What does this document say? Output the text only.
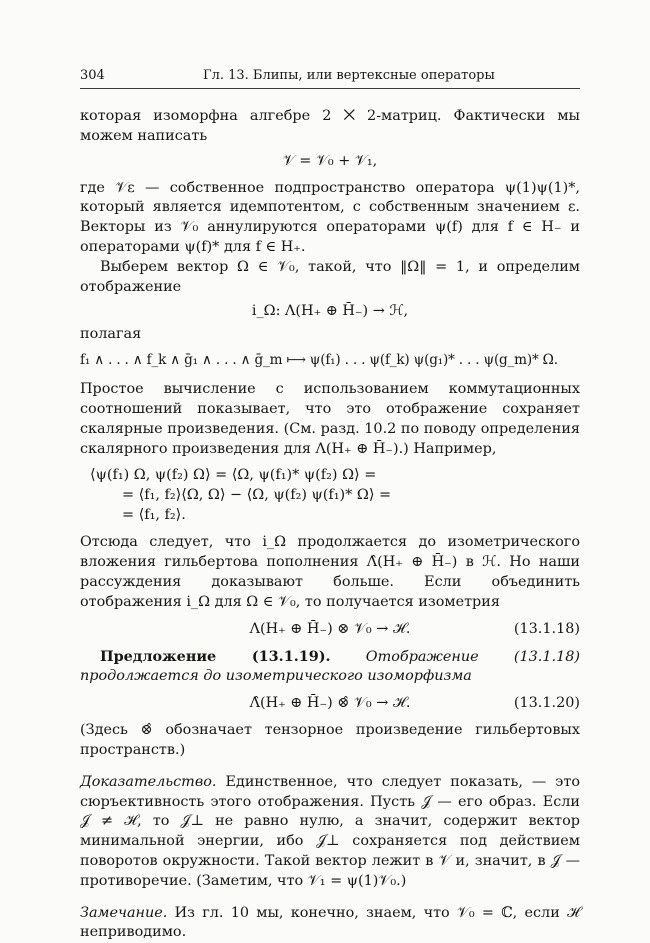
304	Гл. 13. Блипы, или вертексные операторы

которая изоморфна алгебре 2 ⨉ 2-матриц. Фактически мы можем написать

𝒱 = 𝒱₀ + 𝒱₁,

где 𝒱ε — собственное подпространство оператора ψ(1)ψ(1)*, который является идемпотентом, с собственным значением ε. Векторы из 𝒱₀ аннулируются операторами ψ(f) для f ∈ H₋ и операторами ψ(f)* для f ∈ H₊.

Выберем вектор Ω ∈ 𝒱₀, такой, что ‖Ω‖ = 1, и определим отображение

i_Ω: Λ(H₊ ⊕ H̄₋) → ℋ,

полагая

f₁ ∧ . . . ∧ f_k ∧ ḡ₁ ∧ . . . ∧ ḡ_m ⟼ ψ(f₁) . . . ψ(f_k) ψ(g₁)* . . . ψ(g_m)* Ω.

Простое вычисление с использованием коммутационных соотношений показывает, что это отображение сохраняет скалярные произведения. (См. разд. 10.2 по поводу определения скалярного произведения для Λ(H₊ ⊕ H̄₋).) Например,

⟨ψ(f₁) Ω, ψ(f₂) Ω⟩ = ⟨Ω, ψ(f₁)* ψ(f₂) Ω⟩ =
= ⟨f₁, f₂⟩⟨Ω, Ω⟩ − ⟨Ω, ψ(f₂) ψ(f₁)* Ω⟩ =
= ⟨f₁, f₂⟩.

Отсюда следует, что i_Ω продолжается до изометрического вложения гильбертова пополнения Λ̂(H₊ ⊕ H̄₋) в ℋ. Но наши рассуждения доказывают больше. Если объединить отображения i_Ω для Ω ∈ 𝒱₀, то получается изометрия

Λ(H₊ ⊕ H̄₋) ⊗ 𝒱₀ → ℋ.	(13.1.18)

Предложение (13.1.19). Отображение (13.1.18) продолжается до изометрического изоморфизма

Λ̂(H₊ ⊕ H̄₋) ⊗̂ 𝒱₀ → ℋ.	(13.1.20)

(Здесь ⊗̂ обозначает тензорное произведение гильбертовых пространств.)

Доказательство. Единственное, что следует показать, — это сюръективность этого отображения. Пусть 𝒥 — его образ. Если 𝒥 ≠ ℋ, то 𝒥⊥ не равно нулю, а значит, содержит вектор минимальной энергии, ибо 𝒥⊥ сохраняется под действием поворотов окружности. Такой вектор лежит в 𝒱 и, значит, в 𝒥 — противоречие. (Заметим, что 𝒱₁ = ψ(1)𝒱₀.)

Замечание. Из гл. 10 мы, конечно, знаем, что 𝒱₀ = ℂ, если ℋ неприводимо.
